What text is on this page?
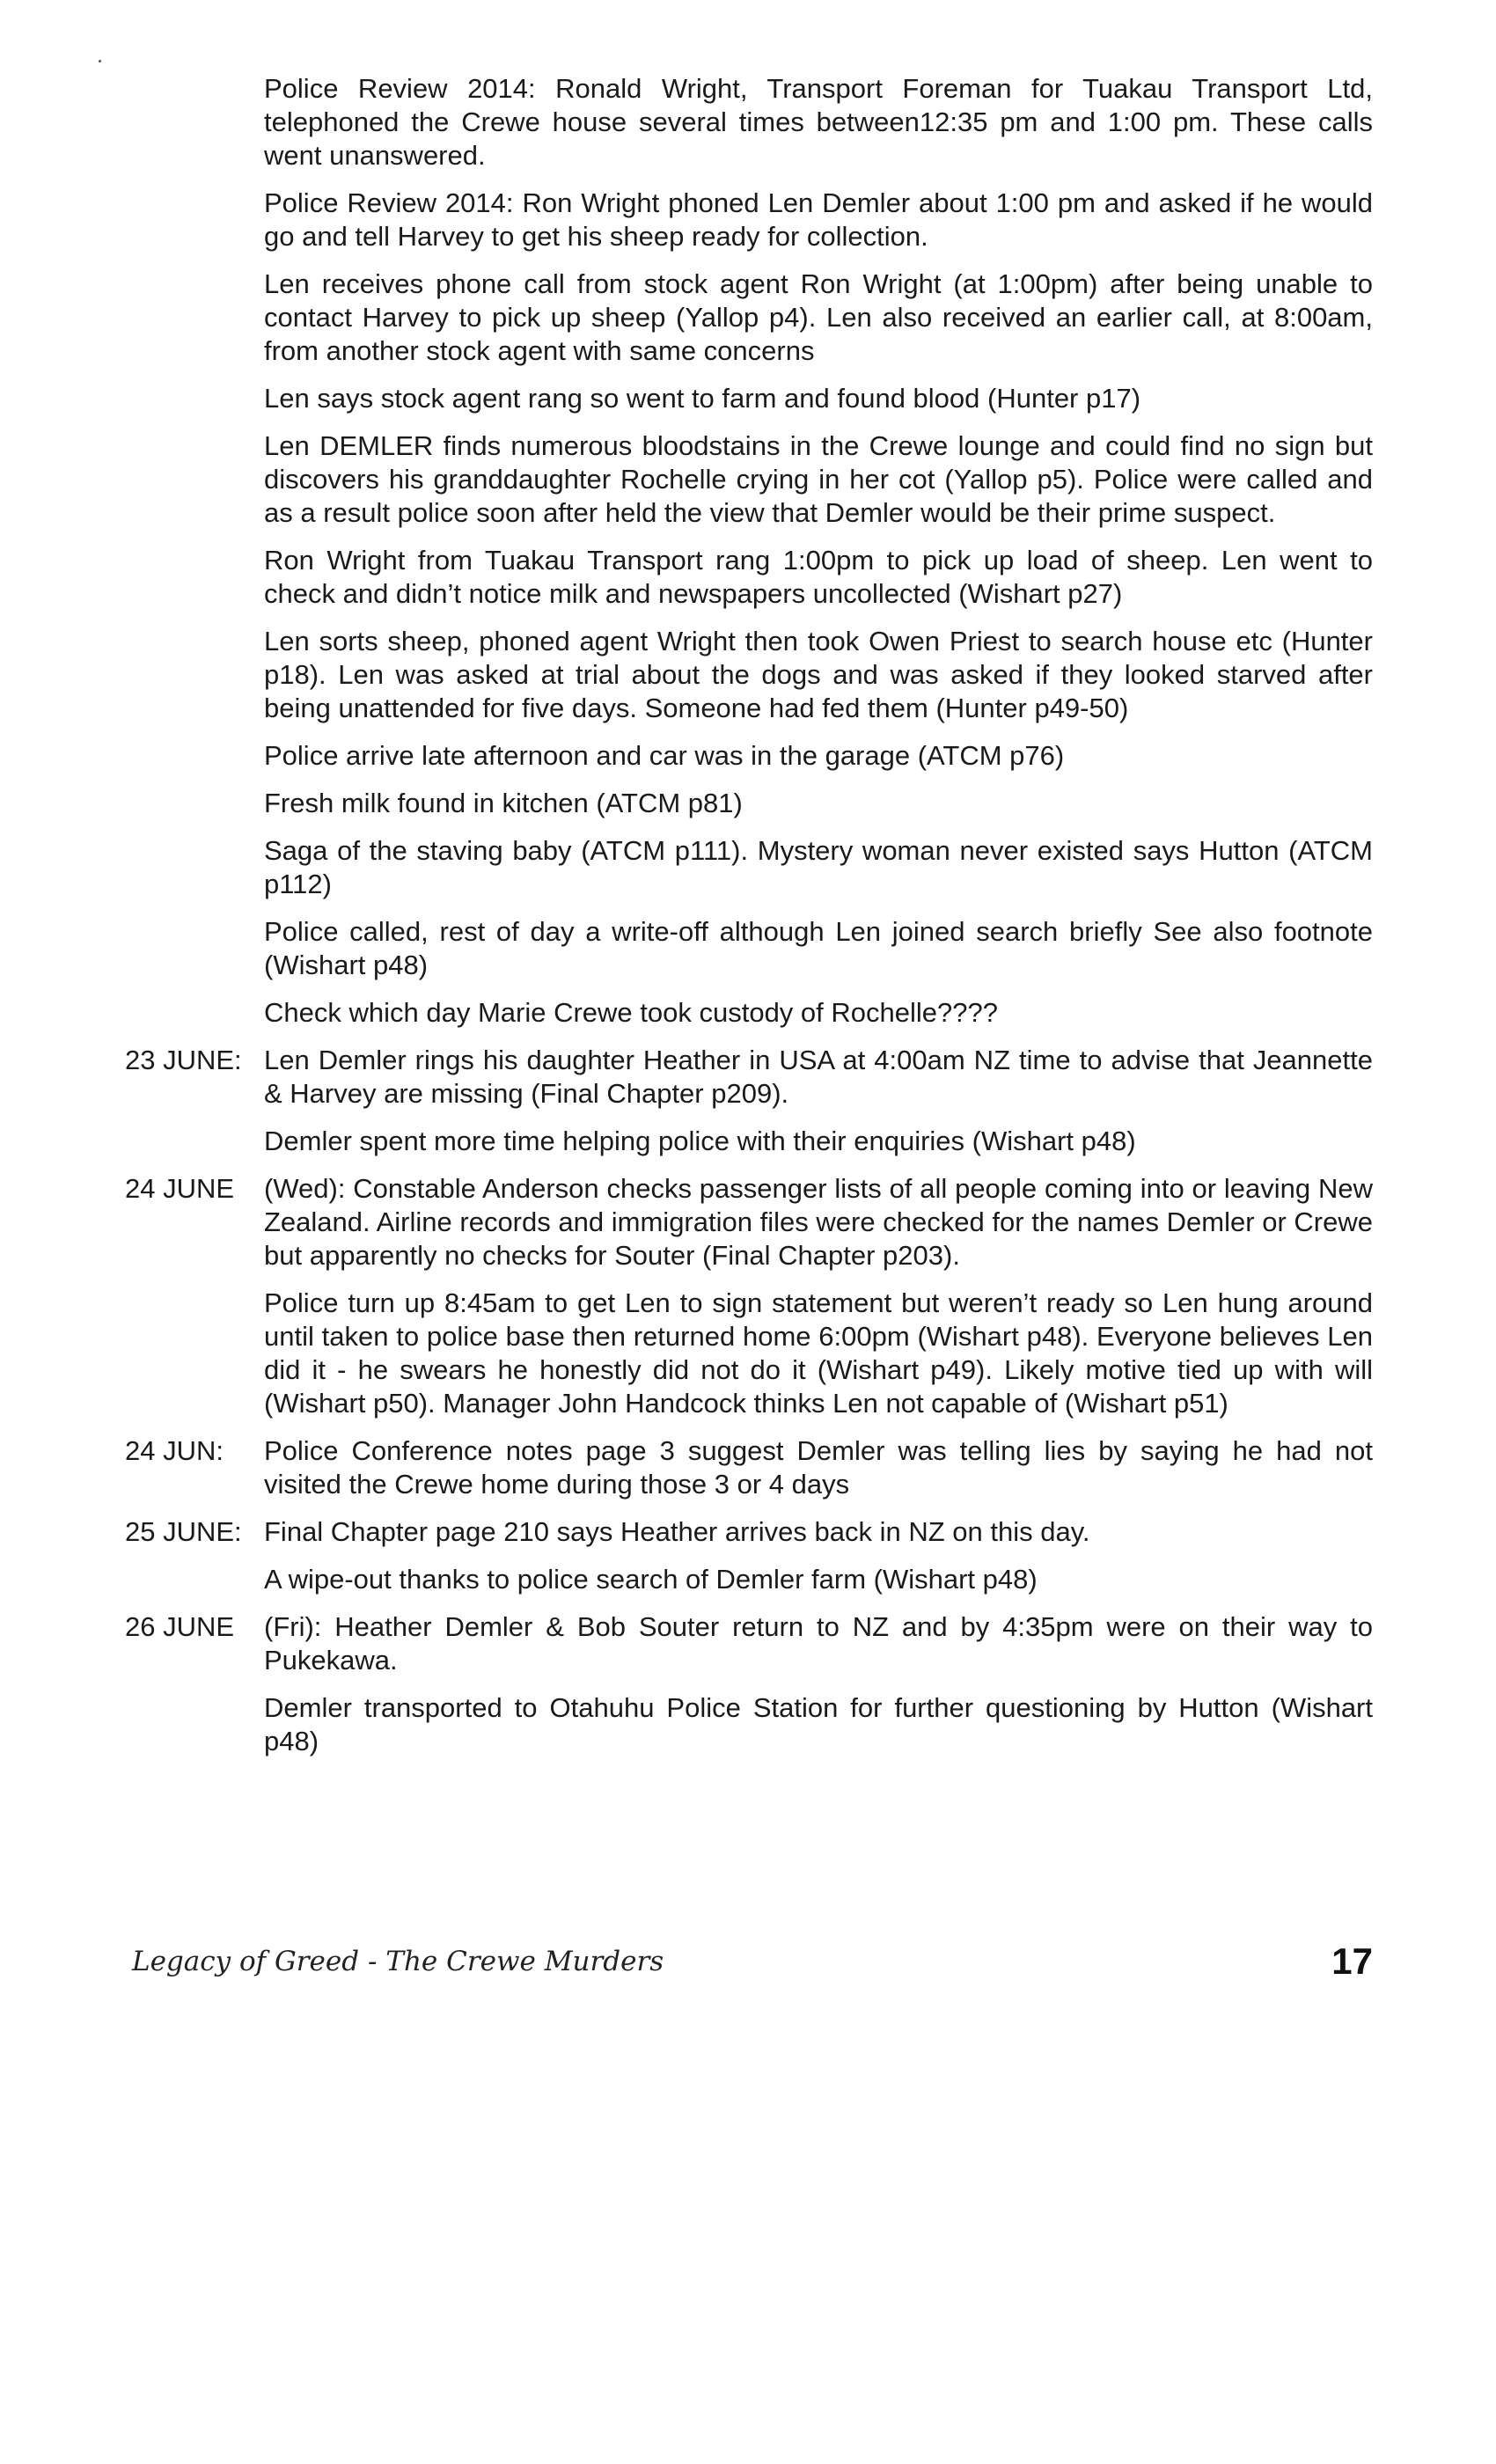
Police Review 2014: Ronald Wright, Transport Foreman for Tuakau Transport Ltd, telephoned the Crewe house several times between12:35 pm and 1:00 pm. These calls went unanswered.
Police Review 2014: Ron Wright phoned Len Demler about 1:00 pm and asked if he would go and tell Harvey to get his sheep ready for collection.
Len receives phone call from stock agent Ron Wright (at 1:00pm) after being unable to contact Harvey to pick up sheep (Yallop p4). Len also received an earlier call, at 8:00am, from another stock agent with same concerns
Len says stock agent rang so went to farm and found blood (Hunter p17)
Len DEMLER finds numerous bloodstains in the Crewe lounge and could find no sign but discovers his granddaughter Rochelle crying in her cot (Yallop p5). Police were called and as a result police soon after held the view that Demler would be their prime suspect.
Ron Wright from Tuakau Transport rang 1:00pm to pick up load of sheep. Len went to check and didn’t notice milk and newspapers uncollected (Wishart p27)
Len sorts sheep, phoned agent Wright then took Owen Priest to search house etc (Hunter p18). Len was asked at trial about the dogs and was asked if they looked starved after being unattended for five days. Someone had fed them (Hunter p49-50)
Police arrive late afternoon and car was in the garage (ATCM p76)
Fresh milk found in kitchen (ATCM p81)
Saga of the staving baby (ATCM p111). Mystery woman never existed says Hutton (ATCM p112)
Police called, rest of day a write-off although Len joined search briefly See also footnote (Wishart p48)
Check which day Marie Crewe took custody of Rochelle????
23 JUNE: Len Demler rings his daughter Heather in USA at 4:00am NZ time to advise that Jeannette & Harvey are missing (Final Chapter p209).
Demler spent more time helping police with their enquiries (Wishart p48)
24 JUNE	(Wed): Constable Anderson checks passenger lists of all people coming into or leaving New Zealand. Airline records and immigration files were checked for the names Demler or Crewe but apparently no checks for Souter (Final Chapter p203).
Police turn up 8:45am to get Len to sign statement but weren’t ready so Len hung around until taken to police base then returned home 6:00pm (Wishart p48). Everyone believes Len did it - he swears he honestly did not do it (Wishart p49). Likely motive tied up with will (Wishart p50). Manager John Handcock thinks Len not capable of (Wishart p51)
24 JUN:	Police Conference notes page 3 suggest Demler was telling lies by saying he had not visited the Crewe home during those 3 or 4 days
25 JUNE: Final Chapter page 210 says Heather arrives back in NZ on this day.
A wipe-out thanks to police search of Demler farm (Wishart p48)
26 JUNE	(Fri): Heather Demler & Bob Souter return to NZ and by 4:35pm were on their way to Pukekawa.
Demler transported to Otahuhu Police Station for further questioning by Hutton (Wishart p48)
Legacy of Greed - The Crewe Murders	17
